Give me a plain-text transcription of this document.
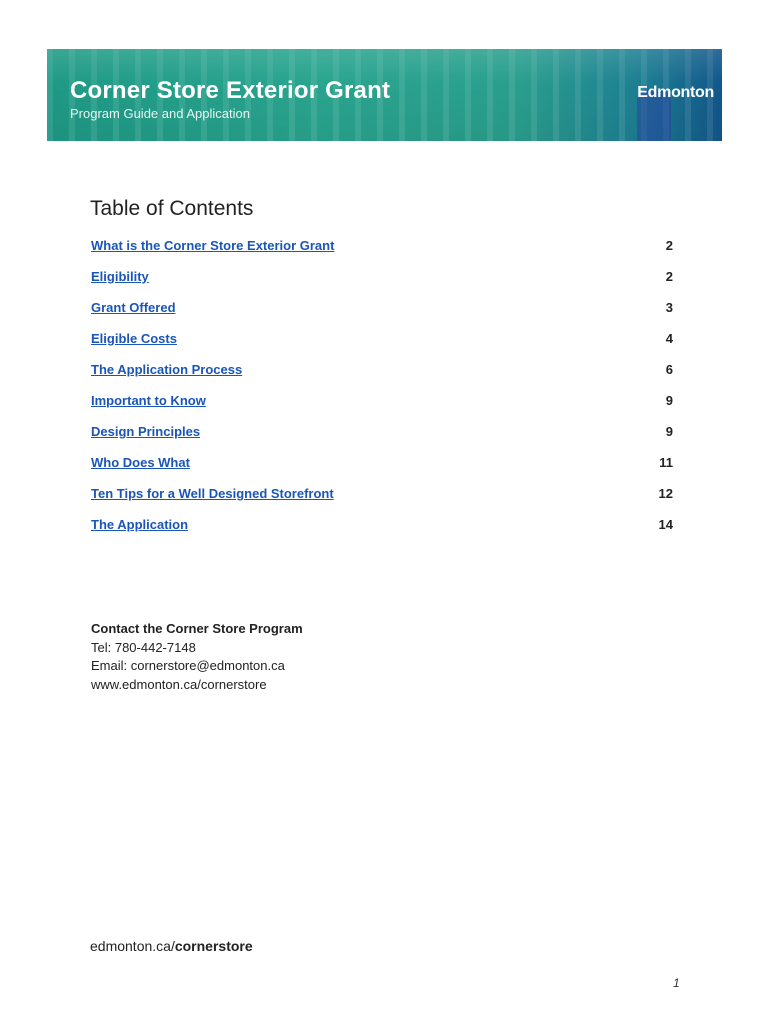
Corner Store Exterior Grant
Program Guide and Application
Edmonton
Table of Contents
What is the Corner Store Exterior Grant	2
Eligibility	2
Grant Offered	3
Eligible Costs	4
The Application Process	6
Important to Know	9
Design Principles	9
Who Does What	11
Ten Tips for a Well Designed Storefront	12
The Application	14
Contact the Corner Store Program
Tel: 780-442-7148
Email: cornerstore@edmonton.ca
www.edmonton.ca/cornerstore
edmonton.ca/cornerstore
1
